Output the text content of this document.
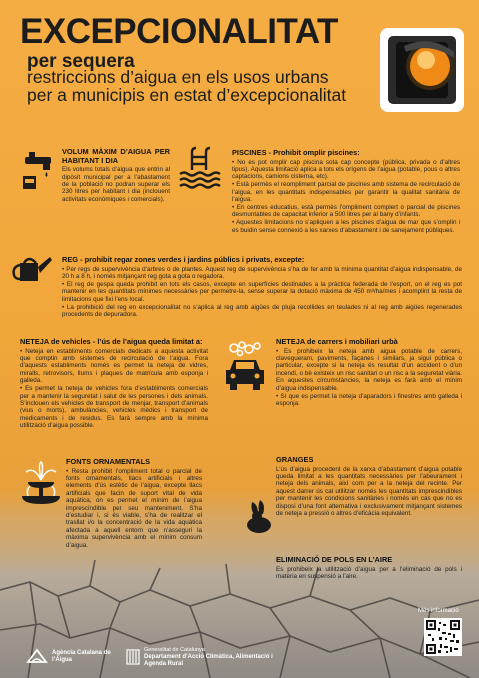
EXCEPCIONALITAT
per sequera
restriccions d’aigua en els usos urbans per a municipis en estat d’excepcionalitat
VOLUM MÀXIM D’AIGUA PER HABITANT I DIA

Els volums totals d’aigua que entrin al dipòsit municipal per a l’abastament de la població no podran superar els 230 litres per habitant i dia (inclouent activitats econòmiques i comercials).

PISCINES - Prohibit omplir piscines:

• No es pot omplir cap piscina sota cap concepte (pública, privada o d’altres tipus). Aquesta limitació aplica a tots els orígens de l’aigua (potable, pous o altres captacions, camions cisterna, etc).

• Està permès el reompliment parcial de piscines amb sistema de recirculació de l’aigua, en les quantitats indispensables per garantir la qualitat sanitària de l’aigua.

• En centres educatius, està permès l’ompliment complert o parcial de piscines desmuntables de capacitat inferior a 500 litres per al bany d’infants.

• Aquestes limitacions no s’apliquen a les piscines d’aigua de mar que s’omplin i es buidin sense connexió a les xarxes d’abastament i de sanejament públiques.

REG - prohibit regar zones verdes i jardins públics i privats, excepte:

• Per regs de supervivència d’arbres o de plantes. Aquest reg de supervivència s’ha de fer amb la mínima quantitat d’aigua indispensable, de 20 h a 8 h, i només mitjançant reg gota a gota o regadora.

• El reg de gespa queda prohibit en tots els casos, excepte en superfícies destinades a la pràctica federada de l’esport, on el reg es pot mantenir en les quantitats mínimes necessàries per permetre-la, sense superar la dotació màxima de 450 m³/ha/mes i acomplint la resta de limitacions que fixi l’ens local.

• La prohibició del reg en excepcionalitat no s’aplica al reg amb aigües de pluja recollides en teulades ni al reg amb aigües regenerades procedents de depuradora.

NETEJA de vehicles - l’ús de l’aigua queda limitat a:

• Neteja en establiments comercials dedicats a aquesta activitat que comptin amb sistemes de recirculació de l’aigua. Fora d’aquests establiments només es permet la neteja de vidres, miralls, retrovisors, llums i plaques de matrícula amb esponja i galleda.

• Es permet la neteja de vehicles fora d’establiments comercials per a mantenir la seguretat i salut de les persones i dels animals. S’inclouen els vehicles de transport de menjar, transport d’animals (vius o morts), ambulàncies, vehicles mèdics i transport de medicaments i de residus. Es farà sempre amb la mínima utilització d’aigua possible.

NETEJA de carrers i mobiliari urbà

• Es prohibeix la neteja amb aigua potable de carrers, clavegueram, paviments, façanes i similars, ja sigui pública o particular, excepte si la neteja és resultat d’un accident o d’un incendi, o bé existeix un risc sanitari o un risc a la seguretat viària. En aquestes circumstàncies, la neteja es farà amb el mínim d’aigua indispensable.

• Sí que es permet la neteja d’aparadors i finestres amb galleda i esponja.

FONTS ORNAMENTALS

• Resta prohibit l’ompliment total o parcial de fonts ornamentals, llacs artificials i altres elements d’ús estètic de l’aigua, excepte llacs artificials que facin de suport vital de vida aquàtica, on es permet el mínim de l’aigua imprescindible per seu manteniment. S’ha d’estudiar i, si és viable, s’ha de realitzar el trasllat i/o la concentració de la vida aquàtica afectada a aquell entorn que n’asseguri la màxima supervivència amb el mínim consum d’aigua.

GRANGES

L’ús d’aigua procedent de la xarxa d’abastament d’aigua potable queda limitat a les quantitats necessàries per l’abeurament i neteja dels animals, així com per a la neteja del recinte. Per aquest darrer ús cal utilitzar només les quantitats imprescindibles per mantenir les condicions sanitàries i només en cas que no es disposi d’una font alternativa i exclusivament mitjançant sistemes de neteja a pressió o altres d’eficàcia equivalent.

ELIMINACIÓ DE POLS EN L’AIRE

Es prohibeix la utilització d’aigua per a l’eliminació de pols i matèria en suspensió a l’aire.

Agència Catalana de l’Aigua
Generalitat de Catalunya
Departament d’Acció Climàtica, Alimentació i Agenda Rural
Més informació
